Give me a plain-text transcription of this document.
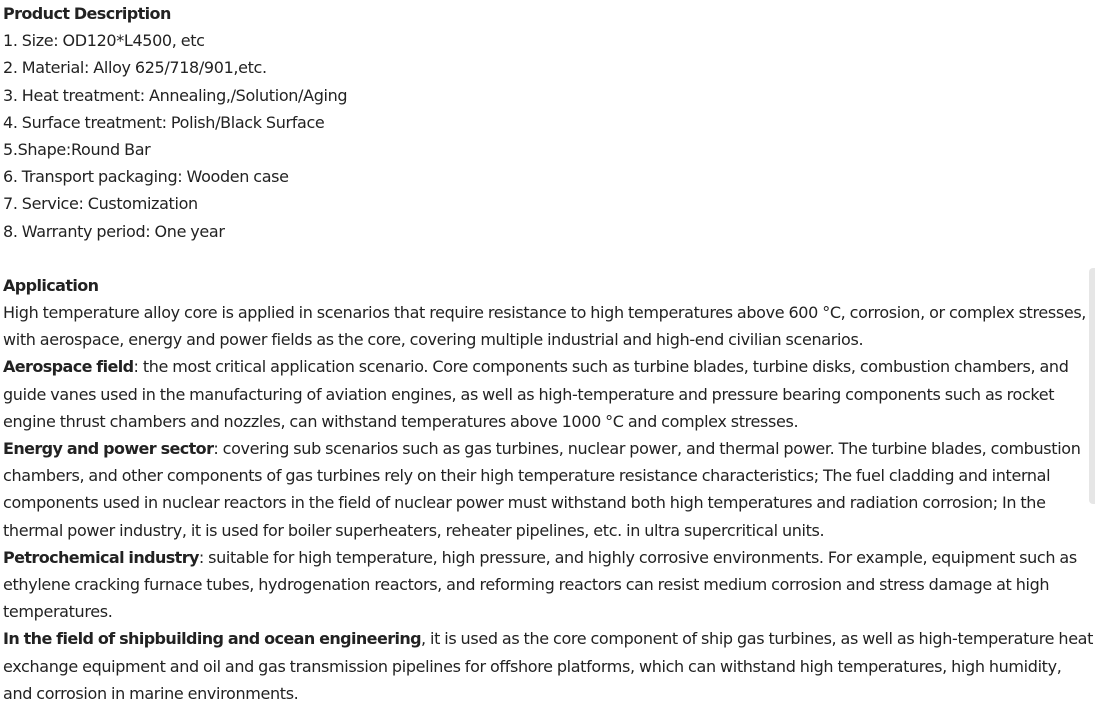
Product Description
1. Size: OD120*L4500, etc
2. Material: Alloy 625/718/901,etc.
3. Heat treatment: Annealing,/Solution/Aging
4. Surface treatment: Polish/Black Surface
5.Shape:Round Bar
6. Transport packaging: Wooden case
7. Service: Customization
8. Warranty period: One year
Application
High temperature alloy core is applied in scenarios that require resistance to high temperatures above 600 °C, corrosion, or complex stresses,
with aerospace, energy and power fields as the core, covering multiple industrial and high-end civilian scenarios.
Aerospace field: the most critical application scenario. Core components such as turbine blades, turbine disks, combustion chambers, and
guide vanes used in the manufacturing of aviation engines, as well as high-temperature and pressure bearing components such as rocket
engine thrust chambers and nozzles, can withstand temperatures above 1000 °C and complex stresses.
Energy and power sector: covering sub scenarios such as gas turbines, nuclear power, and thermal power. The turbine blades, combustion
chambers, and other components of gas turbines rely on their high temperature resistance characteristics; The fuel cladding and internal
components used in nuclear reactors in the field of nuclear power must withstand both high temperatures and radiation corrosion; In the
thermal power industry, it is used for boiler superheaters, reheater pipelines, etc. in ultra supercritical units.
Petrochemical industry: suitable for high temperature, high pressure, and highly corrosive environments. For example, equipment such as
ethylene cracking furnace tubes, hydrogenation reactors, and reforming reactors can resist medium corrosion and stress damage at high
temperatures.
In the field of shipbuilding and ocean engineering, it is used as the core component of ship gas turbines, as well as high-temperature heat
exchange equipment and oil and gas transmission pipelines for offshore platforms, which can withstand high temperatures, high humidity,
and corrosion in marine environments.
